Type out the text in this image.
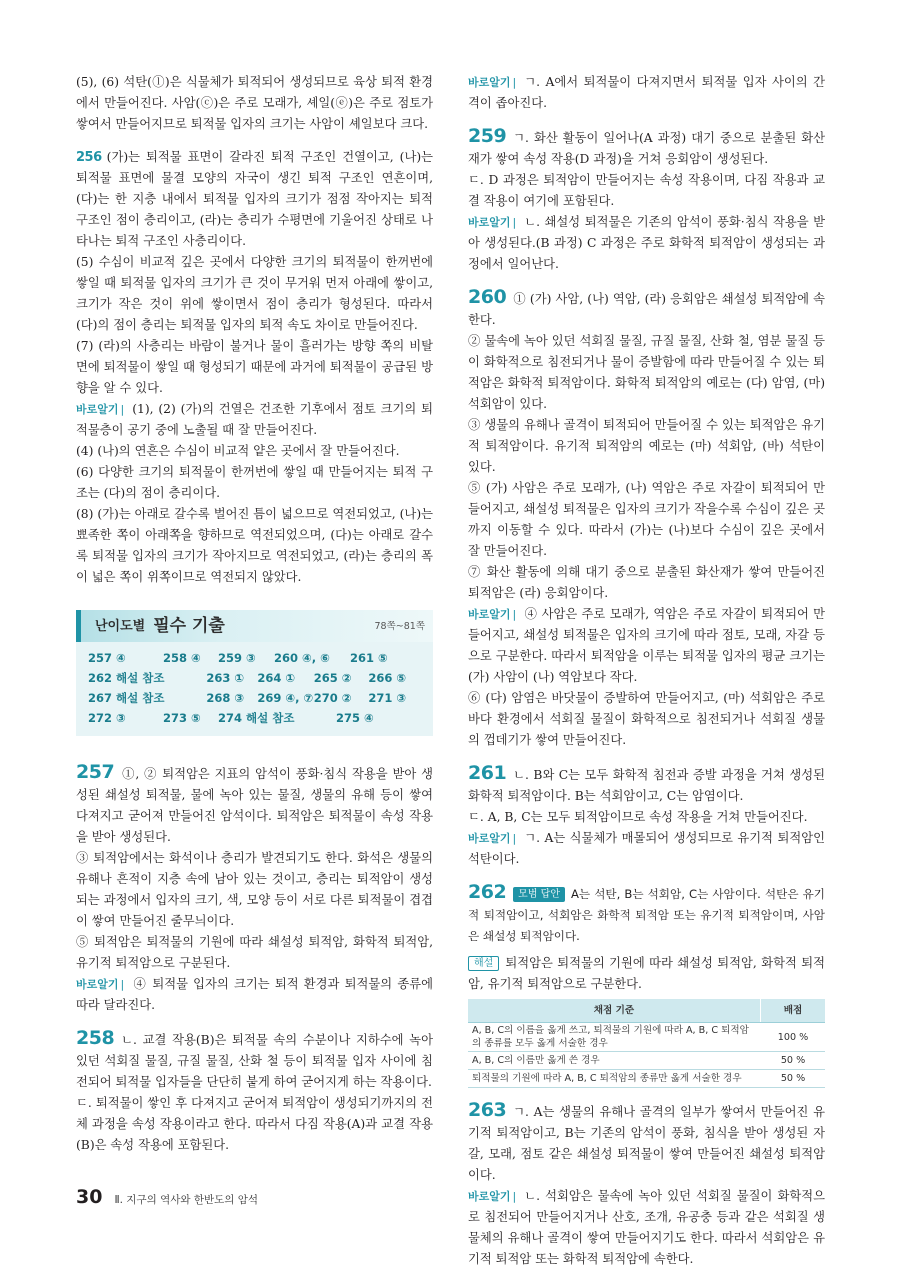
(5), (6) 석탄(ⓛ)은 식물체가 퇴적되어 생성되므로 육상 퇴적 환경에서 만들어진다. 사암(ⓒ)은 주로 모래가, 셰일(ⓔ)은 주로 점토가 쌓여서 만들어지므로 퇴적물 입자의 크기는 사암이 셰일보다 크다.

256 (가)는 퇴적물 표면이 갈라진 퇴적 구조인 건열이고, (나)는 퇴적물 표면에 물결 모양의 자국이 생긴 퇴적 구조인 연흔이며, (다)는 한 지층 내에서 퇴적물 입자의 크기가 점점 작아지는 퇴적 구조인 점이 층리이고, (라)는 층리가 수평면에 기울어진 상태로 나타나는 퇴적 구조인 사층리이다.

(5) 수심이 비교적 깊은 곳에서 다양한 크기의 퇴적물이 한꺼번에 쌓일 때 퇴적물 입자의 크기가 큰 것이 무거워 먼저 아래에 쌓이고, 크기가 작은 것이 위에 쌓이면서 점이 층리가 형성된다. 따라서 (다)의 점이 층리는 퇴적물 입자의 퇴적 속도 차이로 만들어진다.

(7) (라)의 사층리는 바람이 불거나 물이 흘러가는 방향 쪽의 비탈면에 퇴적물이 쌓일 때 형성되기 때문에 과거에 퇴적물이 공급된 방향을 알 수 있다.

바로알기 | (1), (2) (가)의 건열은 건조한 기후에서 점토 크기의 퇴적물층이 공기 중에 노출될 때 잘 만들어진다.

(4) (나)의 연흔은 수심이 비교적 얕은 곳에서 잘 만들어진다.

(6) 다양한 크기의 퇴적물이 한꺼번에 쌓일 때 만들어지는 퇴적 구조는 (다)의 점이 층리이다.

(8) (가)는 아래로 갈수록 벌어진 틈이 넓으므로 역전되었고, (나)는 뾰족한 쪽이 아래쪽을 향하므로 역전되었으며, (다)는 아래로 갈수록 퇴적물 입자의 크기가 작아지므로 역전되었고, (라)는 층리의 폭이 넓은 쪽이 위쪽이므로 역전되지 않았다.

난이도별 필수 기출	78쪽~81쪽
257 ④	258 ④	259 ③	260 ④, ⑥	261 ⑤
262 해설 참조	263 ①	264 ①	265 ②	266 ⑤
267 해설 참조	268 ③	269 ④, ⑦ 270 ②	271 ③
272 ③	273 ⑤	274 해설 참조	275 ④

257 ①, ② 퇴적암은 지표의 암석이 풍화·침식 작용을 받아 생성된 쇄설성 퇴적물, 물에 녹아 있는 물질, 생물의 유해 등이 쌓여 다져지고 굳어져 만들어진 암석이다. 퇴적암은 퇴적물이 속성 작용을 받아 생성된다.

③ 퇴적암에서는 화석이나 층리가 발견되기도 한다. 화석은 생물의 유해나 흔적이 지층 속에 남아 있는 것이고, 층리는 퇴적암이 생성되는 과정에서 입자의 크기, 색, 모양 등이 서로 다른 퇴적물이 겹겹이 쌓여 만들어진 줄무늬이다.

⑤ 퇴적암은 퇴적물의 기원에 따라 쇄설성 퇴적암, 화학적 퇴적암, 유기적 퇴적암으로 구분된다.

바로알기 | ④ 퇴적물 입자의 크기는 퇴적 환경과 퇴적물의 종류에 따라 달라진다.

258 ㄴ. 교결 작용(B)은 퇴적물 속의 수분이나 지하수에 녹아 있던 석회질 물질, 규질 물질, 산화 철 등이 퇴적물 입자 사이에 침전되어 퇴적물 입자들을 단단히 붙게 하여 굳어지게 하는 작용이다.

ㄷ. 퇴적물이 쌓인 후 다져지고 굳어져 퇴적암이 생성되기까지의 전체 과정을 속성 작용이라고 한다. 따라서 다짐 작용(A)과 교결 작용(B)은 속성 작용에 포함된다.

바로알기 | ㄱ. A에서 퇴적물이 다져지면서 퇴적물 입자 사이의 간격이 좁아진다.

259 ㄱ. 화산 활동이 일어나(A 과정) 대기 중으로 분출된 화산재가 쌓여 속성 작용(D 과정)을 거쳐 응회암이 생성된다.

ㄷ. D 과정은 퇴적암이 만들어지는 속성 작용이며, 다짐 작용과 교결 작용이 여기에 포함된다.

바로알기 | ㄴ. 쇄설성 퇴적물은 기존의 암석이 풍화·침식 작용을 받아 생성된다.(B 과정) C 과정은 주로 화학적 퇴적암이 생성되는 과정에서 일어난다.

260 ① (가) 사암, (나) 역암, (라) 응회암은 쇄설성 퇴적암에 속한다.

② 물속에 녹아 있던 석회질 물질, 규질 물질, 산화 철, 염분 물질 등이 화학적으로 침전되거나 물이 증발함에 따라 만들어질 수 있는 퇴적암은 화학적 퇴적암이다. 화학적 퇴적암의 예로는 (다) 암염, (마) 석회암이 있다.

③ 생물의 유해나 골격이 퇴적되어 만들어질 수 있는 퇴적암은 유기적 퇴적암이다. 유기적 퇴적암의 예로는 (마) 석회암, (바) 석탄이 있다.

⑤ (가) 사암은 주로 모래가, (나) 역암은 주로 자갈이 퇴적되어 만들어지고, 쇄설성 퇴적물은 입자의 크기가 작을수록 수심이 깊은 곳까지 이동할 수 있다. 따라서 (가)는 (나)보다 수심이 깊은 곳에서 잘 만들어진다.

⑦ 화산 활동에 의해 대기 중으로 분출된 화산재가 쌓여 만들어진 퇴적암은 (라) 응회암이다.

바로알기 | ④ 사암은 주로 모래가, 역암은 주로 자갈이 퇴적되어 만들어지고, 쇄설성 퇴적물은 입자의 크기에 따라 점토, 모래, 자갈 등으로 구분한다. 따라서 퇴적암을 이루는 퇴적물 입자의 평균 크기는 (가) 사암이 (나) 역암보다 작다.

⑥ (다) 암염은 바닷물이 증발하여 만들어지고, (마) 석회암은 주로 바다 환경에서 석회질 물질이 화학적으로 침전되거나 석회질 생물의 껍데기가 쌓여 만들어진다.

261 ㄴ. B와 C는 모두 화학적 침전과 증발 과정을 거쳐 생성된 화학적 퇴적암이다. B는 석회암이고, C는 암염이다.

ㄷ. A, B, C는 모두 퇴적암이므로 속성 작용을 거쳐 만들어진다.

바로알기 | ㄱ. A는 식물체가 매몰되어 생성되므로 유기적 퇴적암인 석탄이다.

262 모범 답안 A는 석탄, B는 석회암, C는 사암이다. 석탄은 유기적 퇴적암이고, 석회암은 화학적 퇴적암 또는 유기적 퇴적암이며, 사암은 쇄설성 퇴적암이다.

해설 퇴적암은 퇴적물의 기원에 따라 쇄설성 퇴적암, 화학적 퇴적암, 유기적 퇴적암으로 구분한다.

채점 기준	배점
A, B, C의 이름을 옳게 쓰고, 퇴적물의 기원에 따라 A, B, C 퇴적암의 종류를 모두 옳게 서술한 경우	100 %
A, B, C의 이름만 옳게 쓴 경우	50 %
퇴적물의 기원에 따라 A, B, C 퇴적암의 종류만 옳게 서술한 경우	50 %

263 ㄱ. A는 생물의 유해나 골격의 일부가 쌓여서 만들어진 유기적 퇴적암이고, B는 기존의 암석이 풍화, 침식을 받아 생성된 자갈, 모래, 점토 같은 쇄설성 퇴적물이 쌓여 만들어진 쇄설성 퇴적암이다.

바로알기 | ㄴ. 석회암은 물속에 녹아 있던 석회질 물질이 화학적으로 침전되어 만들어지거나 산호, 조개, 유공충 등과 같은 석회질 생물체의 유해나 골격이 쌓여 만들어지기도 한다. 따라서 석회암은 유기적 퇴적암 또는 화학적 퇴적암에 속한다.

30 Ⅱ. 지구의 역사와 한반도의 암석
